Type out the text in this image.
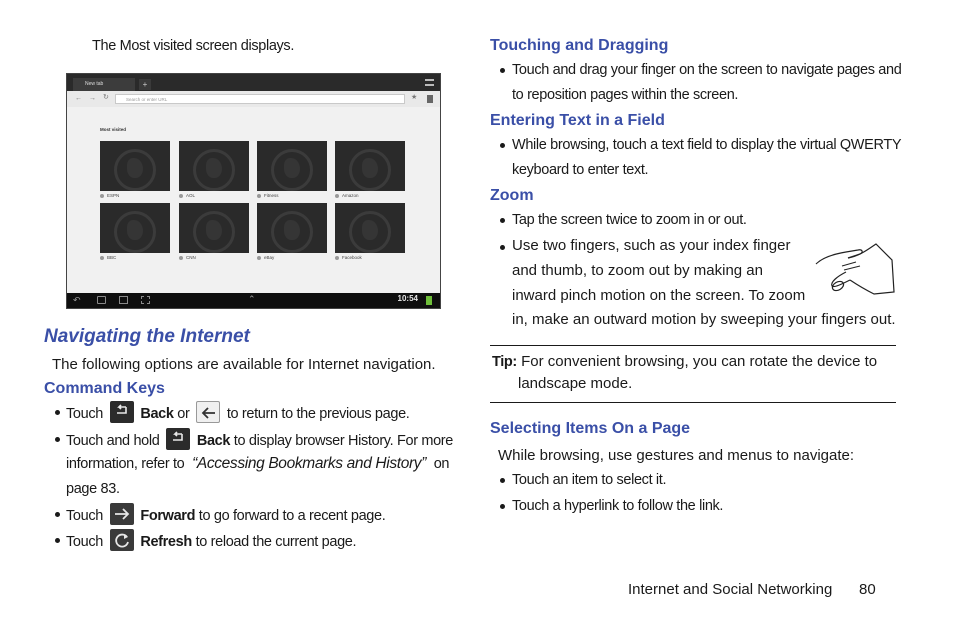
The Most visited screen displays.
New tab	+
← → ↻	Search or enter URL	★
Most visited
ESPN	AOL	Fitness	Amazon
BBC	CNN	eBay	Facebook
↶	⌃	10:54
Navigating the Internet
The following options are available for Internet navigation.
Command Keys
Touch	Back or	to return to the previous page.
Touch and hold	Back to display browser History. For more
information, refer to “Accessing Bookmarks and History” on
page 83.
Touch	Forward to go forward to a recent page.
Touch	Refresh to reload the current page.
Touching and Dragging
Touch and drag your finger on the screen to navigate pages and
to reposition pages within the screen.
Entering Text in a Field
While browsing, touch a text field to display the virtual QWERTY
keyboard to enter text.
Zoom
Tap the screen twice to zoom in or out.
Use two fingers, such as your index finger
and thumb, to zoom out by making an
inward pinch motion on the screen. To zoom
in, make an outward motion by sweeping your fingers out.
Tip: For convenient browsing, you can rotate the device to
landscape mode.
Selecting Items On a Page
While browsing, use gestures and menus to navigate:
Touch an item to select it.
Touch a hyperlink to follow the link.
Internet and Social Networking 80
